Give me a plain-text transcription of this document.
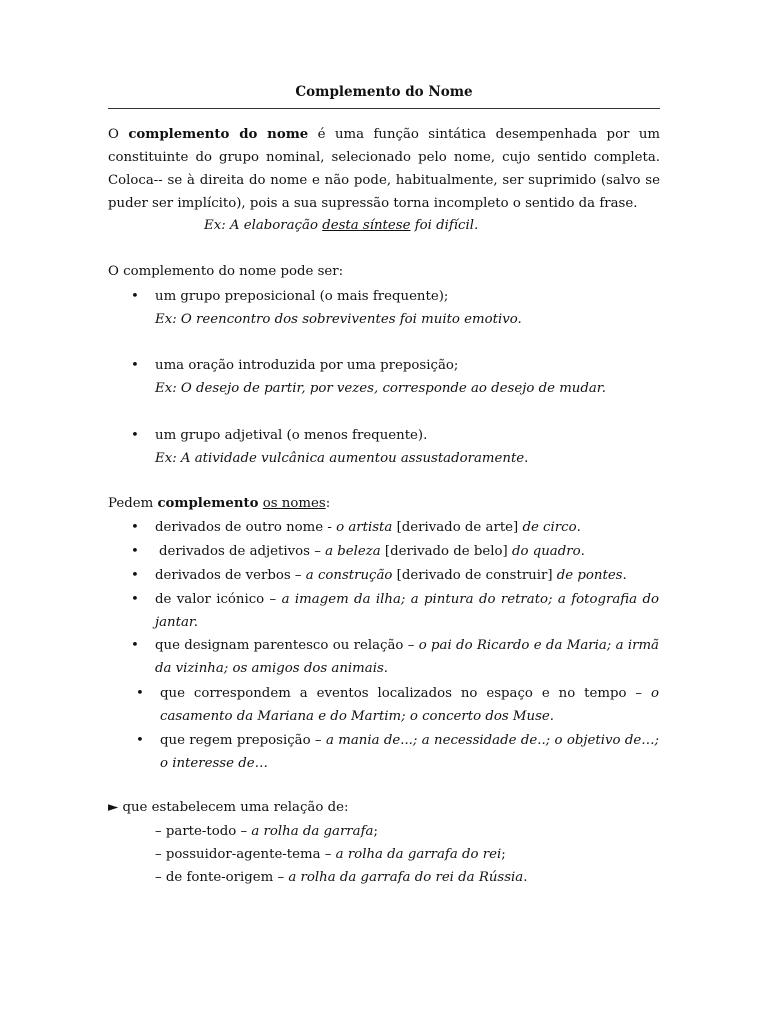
Complemento do Nome
O complemento do nome é uma função sintática desempenhada por um constituinte do grupo nominal, selecionado pelo nome, cujo sentido completa. Coloca-- se à direita do nome e não pode, habitualmente, ser suprimido (salvo se puder ser implícito), pois a sua supressão torna incompleto o sentido da frase.
Ex: A elaboração desta síntese foi difícil.
O complemento do nome pode ser:
• um grupo preposicional (o mais frequente);
Ex: O reencontro dos sobreviventes foi muito emotivo.
• uma oração introduzida por uma preposição;
Ex: O desejo de partir, por vezes, corresponde ao desejo de mudar.
• um grupo adjetival (o menos frequente).
Ex: A atividade vulcânica aumentou assustadoramente.
Pedem complemento os nomes:
• derivados de outro nome - o artista [derivado de arte] de circo.
• derivados de adjetivos – a beleza [derivado de belo] do quadro.
• derivados de verbos – a construção [derivado de construir] de pontes.
• de valor icónico – a imagem da ilha; a pintura do retrato; a fotografia do jantar.
• que designam parentesco ou relação – o pai do Ricardo e da Maria; a irmã da vizinha; os amigos dos animais.
• que correspondem a eventos localizados no espaço e no tempo – o casamento da Mariana e do Martim; o concerto dos Muse.
• que regem preposição – a mania de...; a necessidade de..; o objetivo de…; o interesse de…
► que estabelecem uma relação de:
– parte-todo – a rolha da garrafa;
– possuidor-agente-tema – a rolha da garrafa do rei;
– de fonte-origem – a rolha da garrafa do rei da Rússia.
